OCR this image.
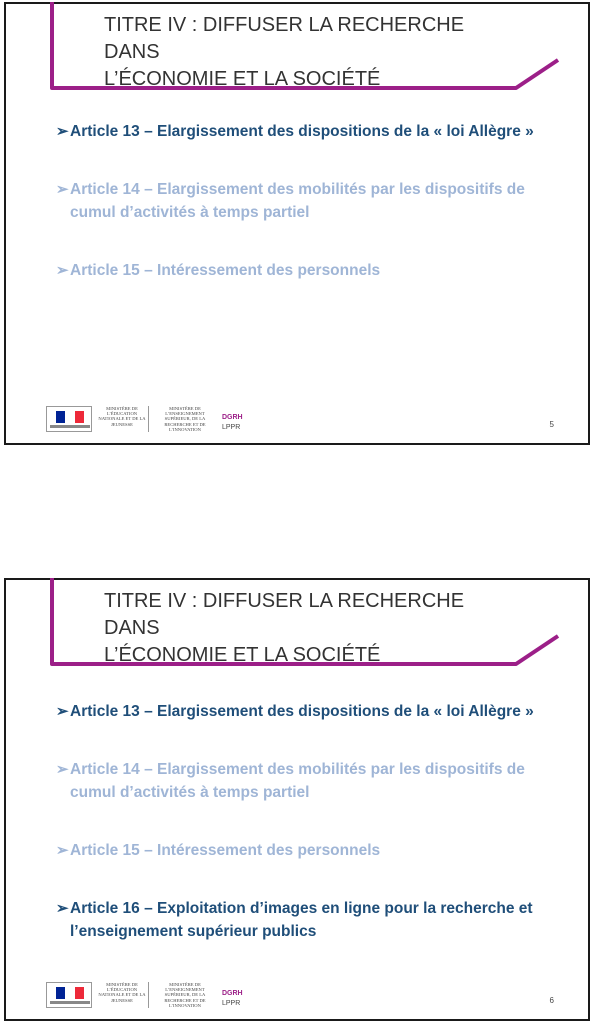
TITRE IV : DIFFUSER LA RECHERCHE DANS
L’ÉCONOMIE ET LA SOCIÉTÉ
➢ Article 13 – Elargissement des dispositions de la « loi Allègre »
➢ Article 14 – Elargissement des mobilités par les dispositifs de cumul d’activités à temps partiel
➢ Article 15 – Intéressement des personnels
MINISTÈRE DE L’ÉDUCATION NATIONALE ET DE LA JEUNESSE
MINISTÈRE DE L’ENSEIGNEMENT SUPÉRIEUR, DE LA RECHERCHE ET DE L’INNOVATION
DGRH
LPPR	5
TITRE IV : DIFFUSER LA RECHERCHE DANS
L’ÉCONOMIE ET LA SOCIÉTÉ
➢ Article 13 – Elargissement des dispositions de la « loi Allègre »
➢ Article 14 – Elargissement des mobilités par les dispositifs de cumul d’activités à temps partiel
➢ Article 15 – Intéressement des personnels
➢ Article 16 – Exploitation d’images en ligne pour la recherche et l’enseignement supérieur publics
MINISTÈRE DE L’ÉDUCATION NATIONALE ET DE LA JEUNESSE
MINISTÈRE DE L’ENSEIGNEMENT SUPÉRIEUR, DE LA RECHERCHE ET DE L’INNOVATION
DGRH
LPPR	6
